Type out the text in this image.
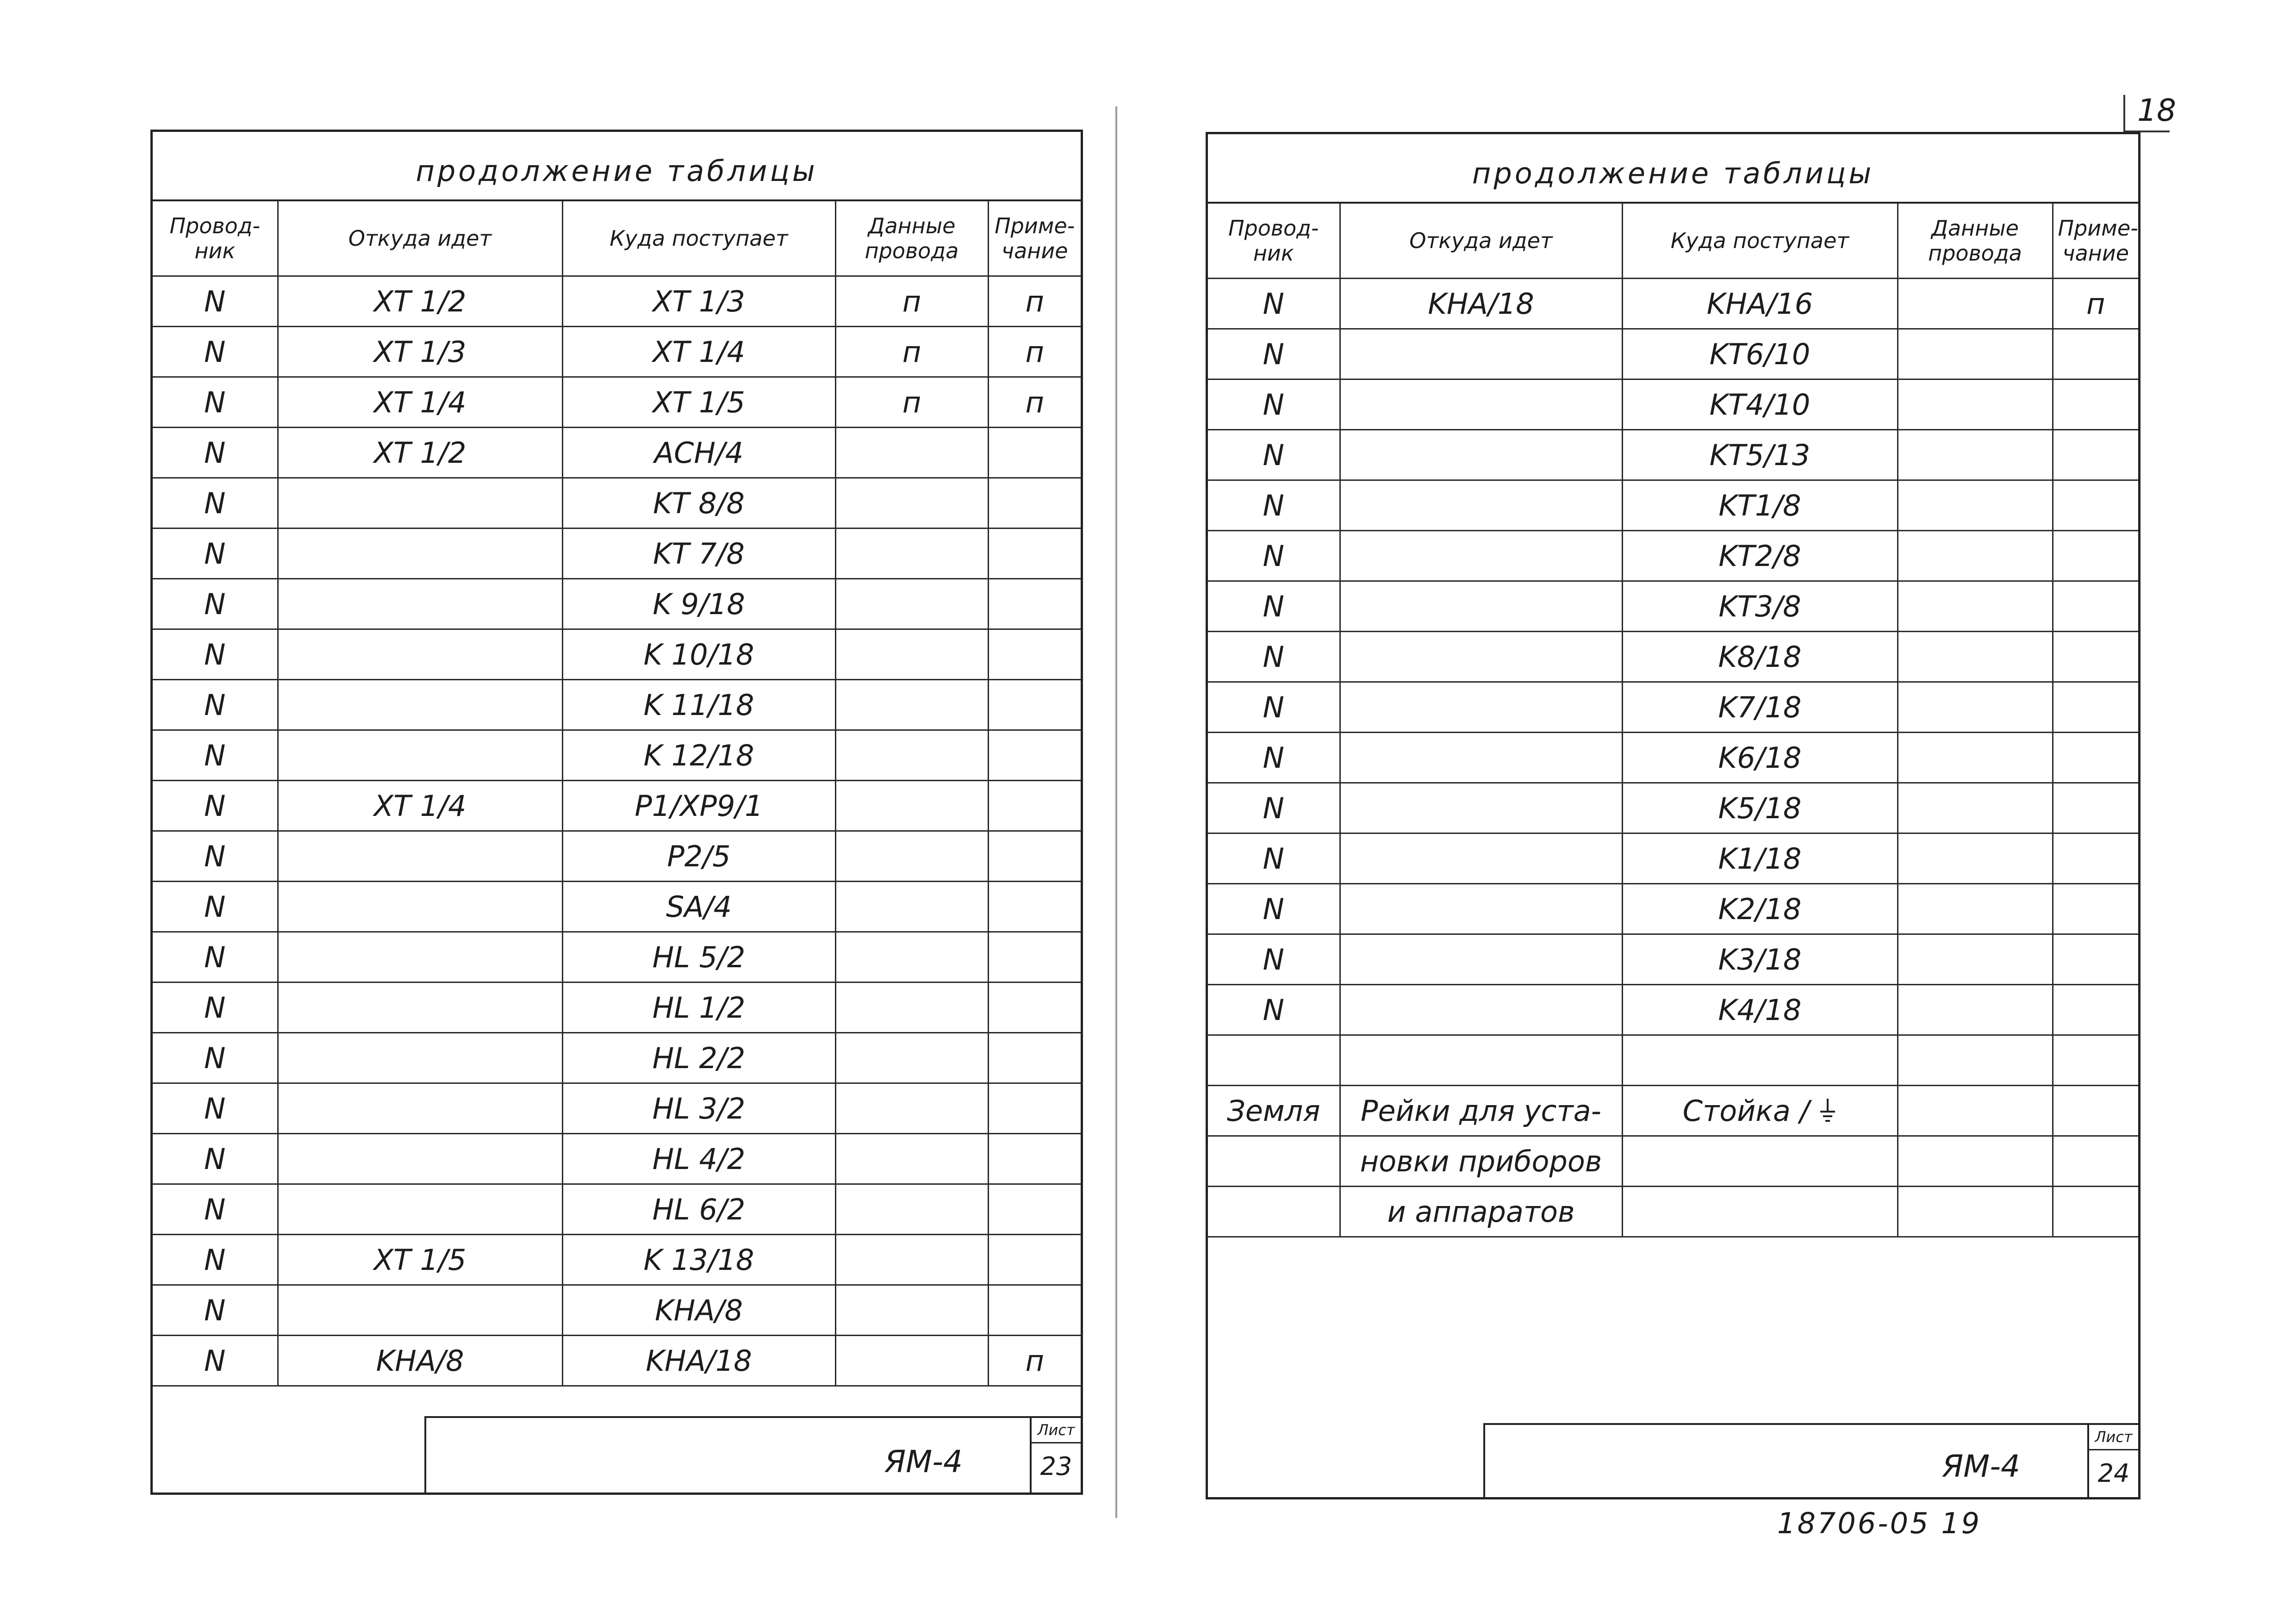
18
продолжение таблицы
Провод-ник	Откуда идет	Куда поступает	Данные провода	Приме-чание
N	XT 1/2	XT 1/3	п	п
N	XT 1/3	XT 1/4	п	п
N	XT 1/4	XT 1/5	п	п
N	XT 1/2	ACH/4		
N		KT 8/8		
N		KT 7/8		
N		K 9/18		
N		K 10/18		
N		K 11/18		
N		K 12/18		
N	XT 1/4	P1/XP9/1		
N		P2/5		
N		SA/4		
N		HL 5/2		
N		HL 1/2		
N		HL 2/2		
N		HL 3/2		
N		HL 4/2		
N		HL 6/2		
N	XT 1/5	K 13/18		
N		KHA/8		
N	KHA/8	KHA/18		п
ЯМ-4
Лист
23
продолжение таблицы
Провод-ник	Откуда идет	Куда поступает	Данные провода	Приме-чание
N	KHA/18	KHA/16		п
N		KT6/10		
N		KT4/10		
N		KT5/13		
N		KT1/8		
N		KT2/8		
N		KT3/8		
N		K8/18		
N		K7/18		
N		K6/18		
N		K5/18		
N		K1/18		
N		K2/18		
N		K3/18		
N		K4/18		

Земля	Рейки для уста-	Стойка /		
	новки приборов			
	и аппаратов			
ЯМ-4
Лист
24
18706-05 19
